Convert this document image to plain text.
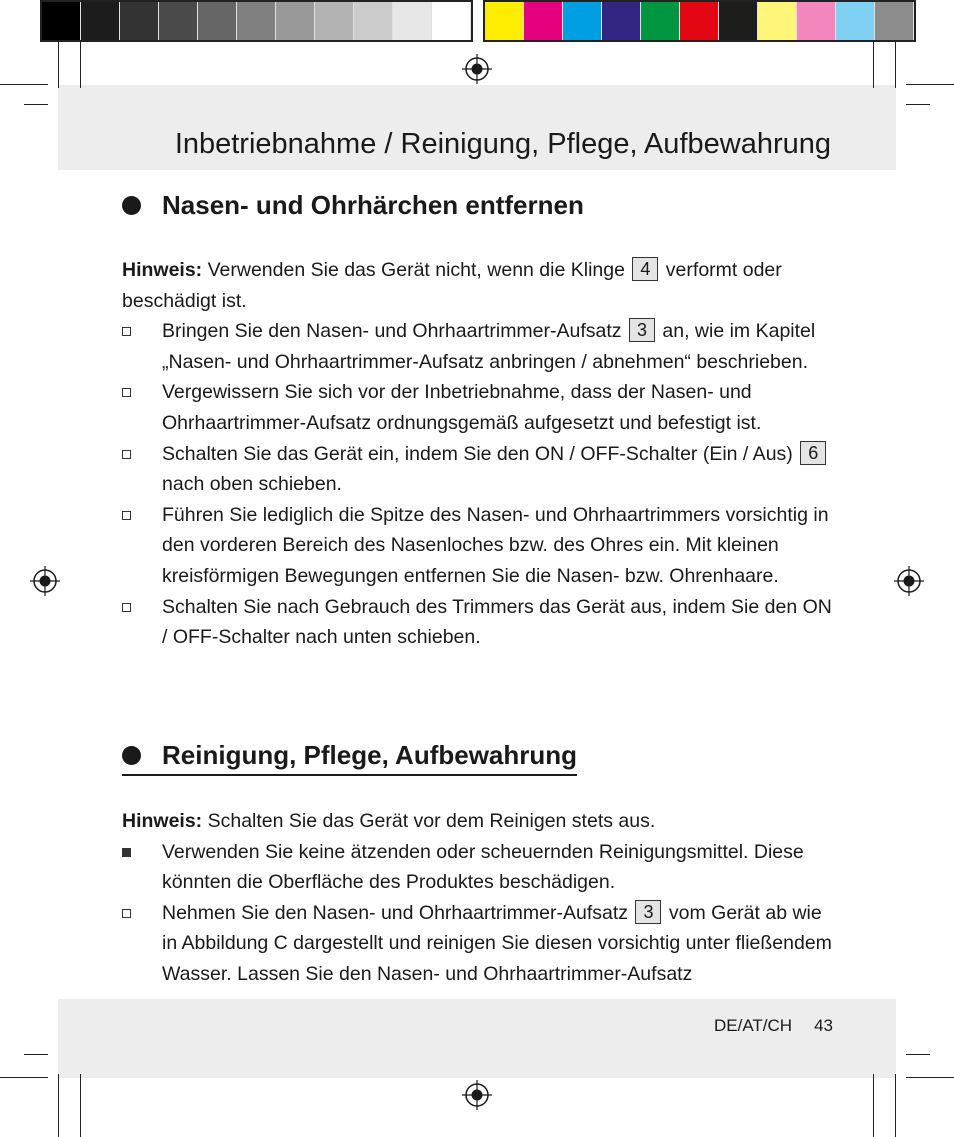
Inbetriebnahme / Reinigung, Pflege, Aufbewahrung
Nasen- und Ohrhärchen entfernen
Hinweis: Verwenden Sie das Gerät nicht, wenn die Klinge 4 verformt oder beschädigt ist.
Bringen Sie den Nasen- und Ohrhaartrimmer-Aufsatz 3 an, wie im Kapitel „Nasen- und Ohrhaartrimmer-Aufsatz anbringen / abnehmen“ beschrieben.
Vergewissern Sie sich vor der Inbetriebnahme, dass der Nasen- und Ohrhaartrimmer-Aufsatz ordnungsgemäß aufgesetzt und befestigt ist.
Schalten Sie das Gerät ein, indem Sie den ON / OFF-Schalter (Ein / Aus) 6 nach oben schieben.
Führen Sie lediglich die Spitze des Nasen- und Ohrhaartrimmers vorsichtig in den vorderen Bereich des Nasenloches bzw. des Ohres ein. Mit kleinen kreisförmigen Bewegungen entfernen Sie die Nasen- bzw. Ohrenhaare.
Schalten Sie nach Gebrauch des Trimmers das Gerät aus, indem Sie den ON / OFF-Schalter nach unten schieben.
Reinigung, Pflege, Aufbewahrung
Hinweis: Schalten Sie das Gerät vor dem Reinigen stets aus.
Verwenden Sie keine ätzenden oder scheuernden Reinigungsmittel. Diese könnten die Oberfläche des Produktes beschädigen.
Nehmen Sie den Nasen- und Ohrhaartrimmer-Aufsatz 3 vom Gerät ab wie in Abbildung C dargestellt und reinigen Sie diesen vorsichtig unter fließendem Wasser. Lassen Sie den Nasen- und Ohrhaartrimmer-Aufsatz
DE/AT/CH 43
